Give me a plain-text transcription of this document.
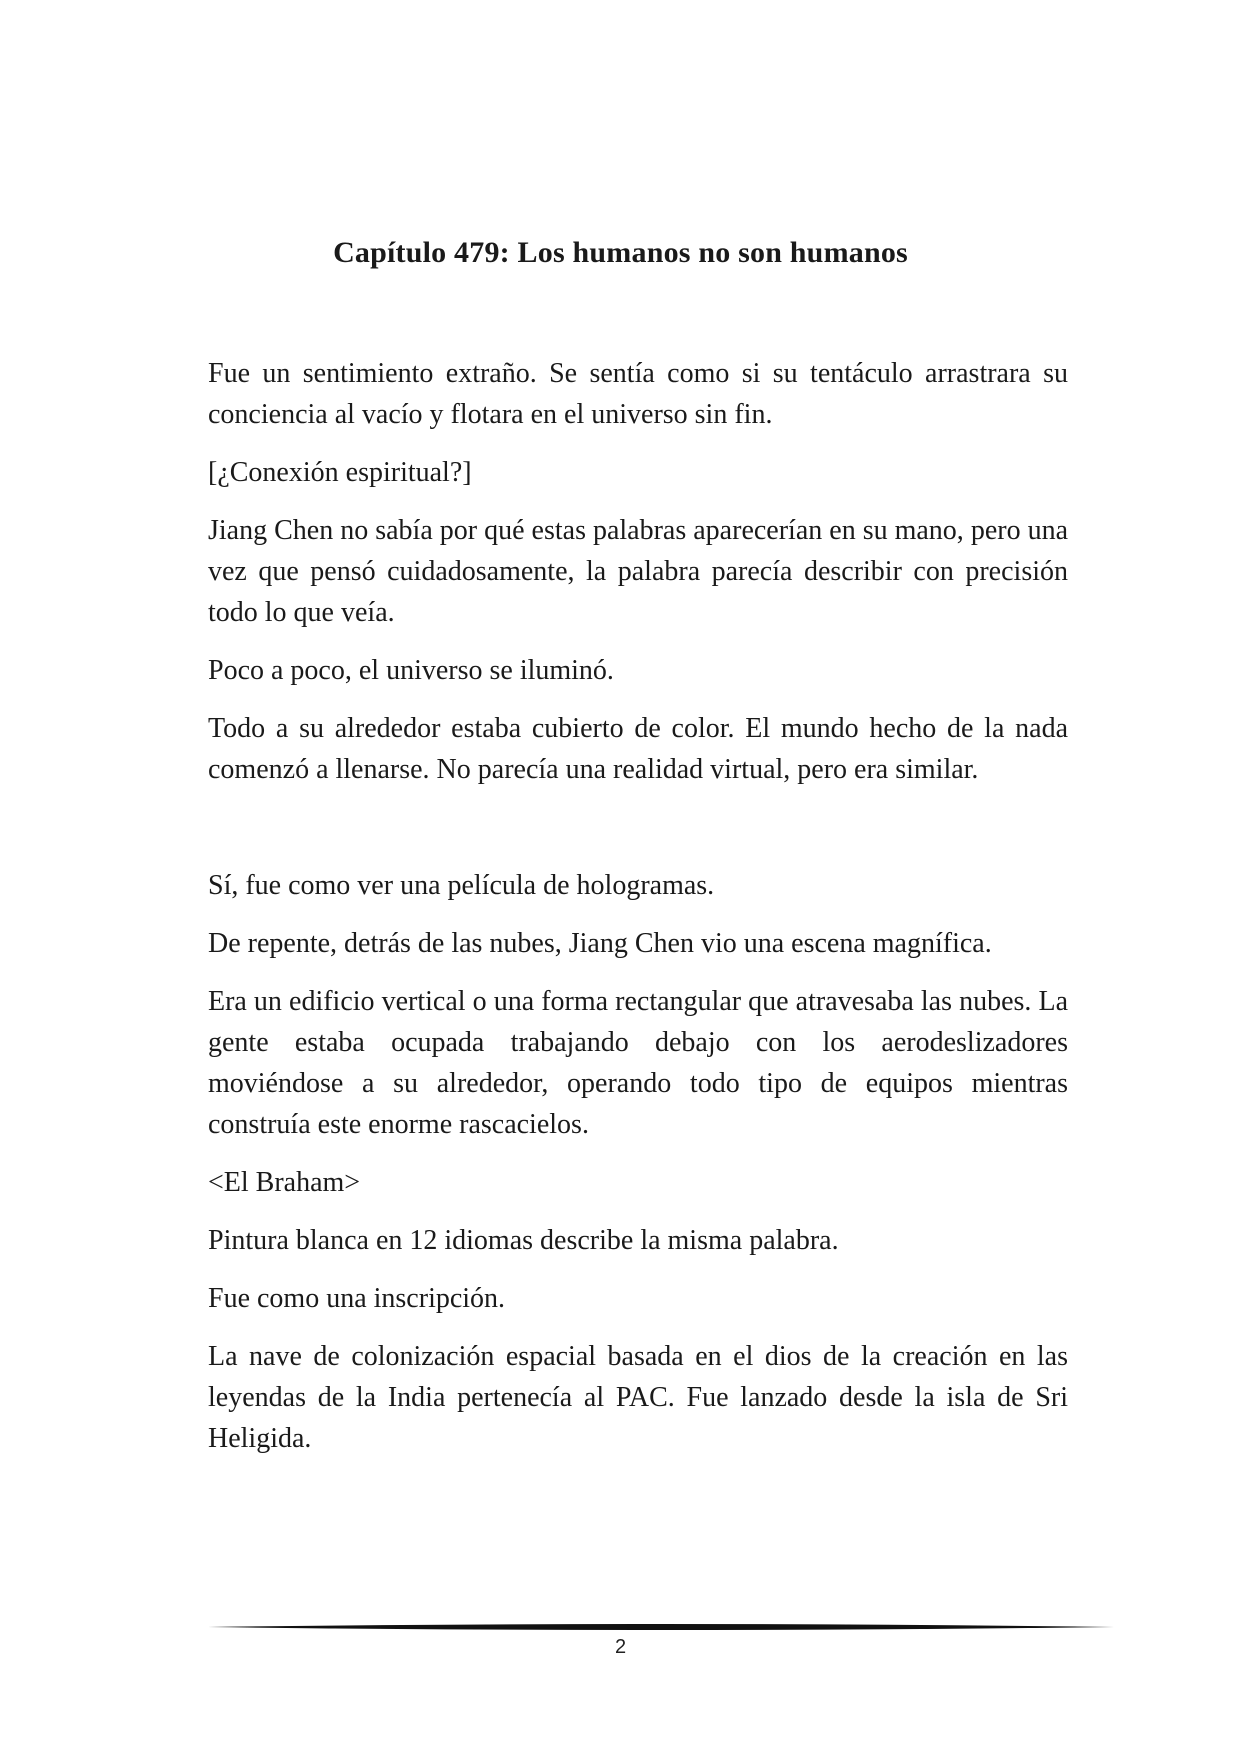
Capítulo 479: Los humanos no son humanos

Fue un sentimiento extraño. Se sentía como si su tentáculo arrastrara su conciencia al vacío y flotara en el universo sin fin.

[¿Conexión espiritual?]

Jiang Chen no sabía por qué estas palabras aparecerían en su mano, pero una vez que pensó cuidadosamente, la palabra parecía describir con precisión todo lo que veía.

Poco a poco, el universo se iluminó.

Todo a su alrededor estaba cubierto de color. El mundo hecho de la nada comenzó a llenarse. No parecía una realidad virtual, pero era similar.

Sí, fue como ver una película de hologramas.

De repente, detrás de las nubes, Jiang Chen vio una escena magnífica.

Era un edificio vertical o una forma rectangular que atravesaba las nubes. La gente estaba ocupada trabajando debajo con los aerodeslizadores moviéndose a su alrededor, operando todo tipo de equipos mientras construía este enorme rascacielos.

<El Braham>

Pintura blanca en 12 idiomas describe la misma palabra.

Fue como una inscripción.

La nave de colonización espacial basada en el dios de la creación en las leyendas de la India pertenecía al PAC. Fue lanzado desde la isla de Sri Heligida.

2
